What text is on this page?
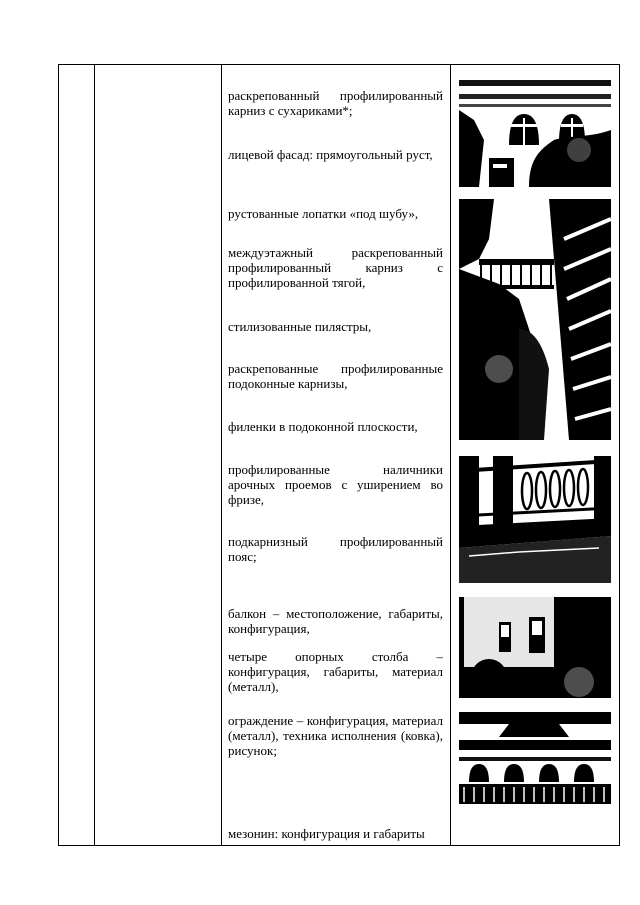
раскрепованный профилированный карниз с сухариками*;
лицевой фасад: прямоугольный руст,
рустованные лопатки «под шубу»,
междуэтажный раскрепованный профилированный карниз с профилированной тягой,
стилизованные пилястры,
раскрепованные профилированные подоконные карнизы,
филенки в подоконной плоскости,
профилированные наличники арочных проемов с уширением во фризе,
подкарнизный профилированный пояс;
балкон – местоположение, габариты, конфигурация,
четыре опорных столба – конфигурация, габариты, материал (металл),
ограждение – конфигурация, материал (металл), техника исполнения (ковка), рисунок;
мезонин: конфигурация и габариты
